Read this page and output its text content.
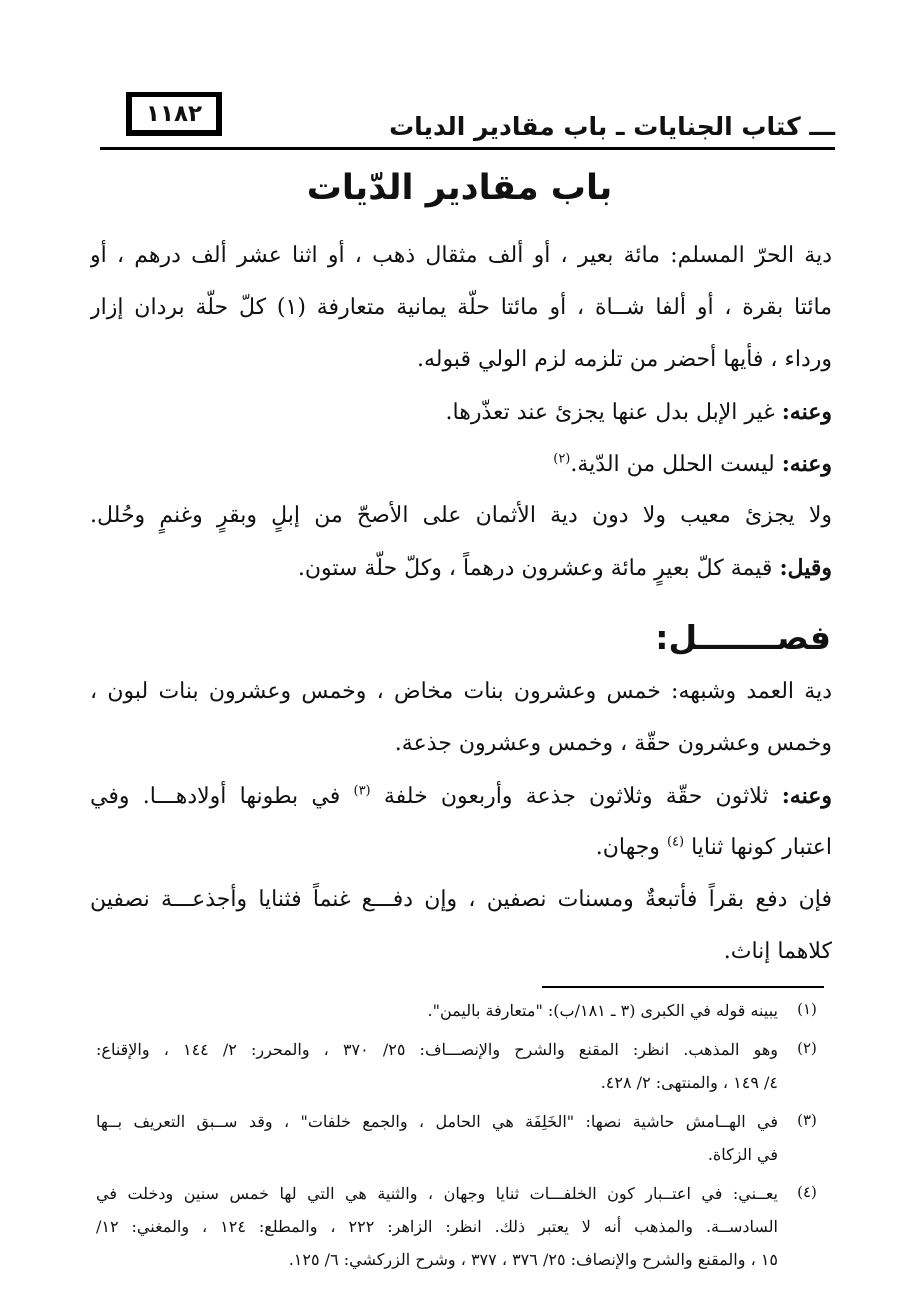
١١٨٢	ـــ كتاب الجنايات ـ باب مقادير الديات
باب مقادير الدّيات
دية الحرّ المسلم: مائة بعير ، أو ألف مثقال ذهب ، أو اثنا عشر ألف درهم ، أو
مائتا بقرة ، أو ألفا شــاة ، أو مائتا حلّة يمانية متعارفة (١) كلّ حلّة بردان إزار
ورداء ، فأيها أحضر من تلزمه لزم الولي قبوله.
وعنه: غير الإبل بدل عنها يجزئ عند تعذّرها.
وعنه: ليست الحلل من الدّية.$^{(٢)}$
ولا يجزئ معيب ولا دون دية الأثمان على الأصحّ من إبلٍ وبقرٍ وغنمٍ وحُلل.
وقيل: قيمة كلّ بعيرٍ مائة وعشرون درهماً ، وكلّ حلّة ستون.
فصـــــــل:
دية العمد وشبهه: خمس وعشرون بنات مخاض ، وخمس وعشرون بنات لبون ،
وخمس وعشرون حقّة ، وخمس وعشرون جذعة.
وعنه: ثلاثون حقّة وثلاثون جذعة وأربعون خلفة $^{(٣)}$ في بطونها أولادهـــا. وفي
اعتبار كونها ثنايا $^{(٤)}$ وجهان.
فإن دفع بقراً فأتبعةٌ ومسنات نصفين ، وإن دفـــع غنماً فثنايا وأجذعـــة نصفين
كلاهما إناث.
(١)
يبينه قوله في الكبرى (٣ ـ ١٨١/ب): "متعارفة باليمن".
(٢)
وهو المذهب. انظر: المقنع والشرح والإنصـــاف: ٢٥/ ٣٧٠ ، والمحرر: ٢/ ١٤٤ ، والإقناع:
٤/ ١٤٩ ، والمنتهى: ٢/ ٤٢٨.
(٣)
في الهــامش حاشية نصها: "الخَلِفَة هي الحامل ، والجمع خلفات" ، وقد ســبق التعريف بــها
في الزكاة.
(٤)
يعــني: في اعتــبار كون الخلفـــات ثنايا وجهان ، والثنية هي التي لها خمس سنين ودخلت في
السادســة. والمذهب أنه لا يعتبر ذلك. انظر: الزاهر: ٢٢٢ ، والمطلع: ١٢٤ ، والمغني: ١٢/
١٥ ، والمقنع والشرح والإنصاف: ٢٥/ ٣٧٦ ، ٣٧٧ ، وشرح الزركشي: ٦/ ١٢٥.
